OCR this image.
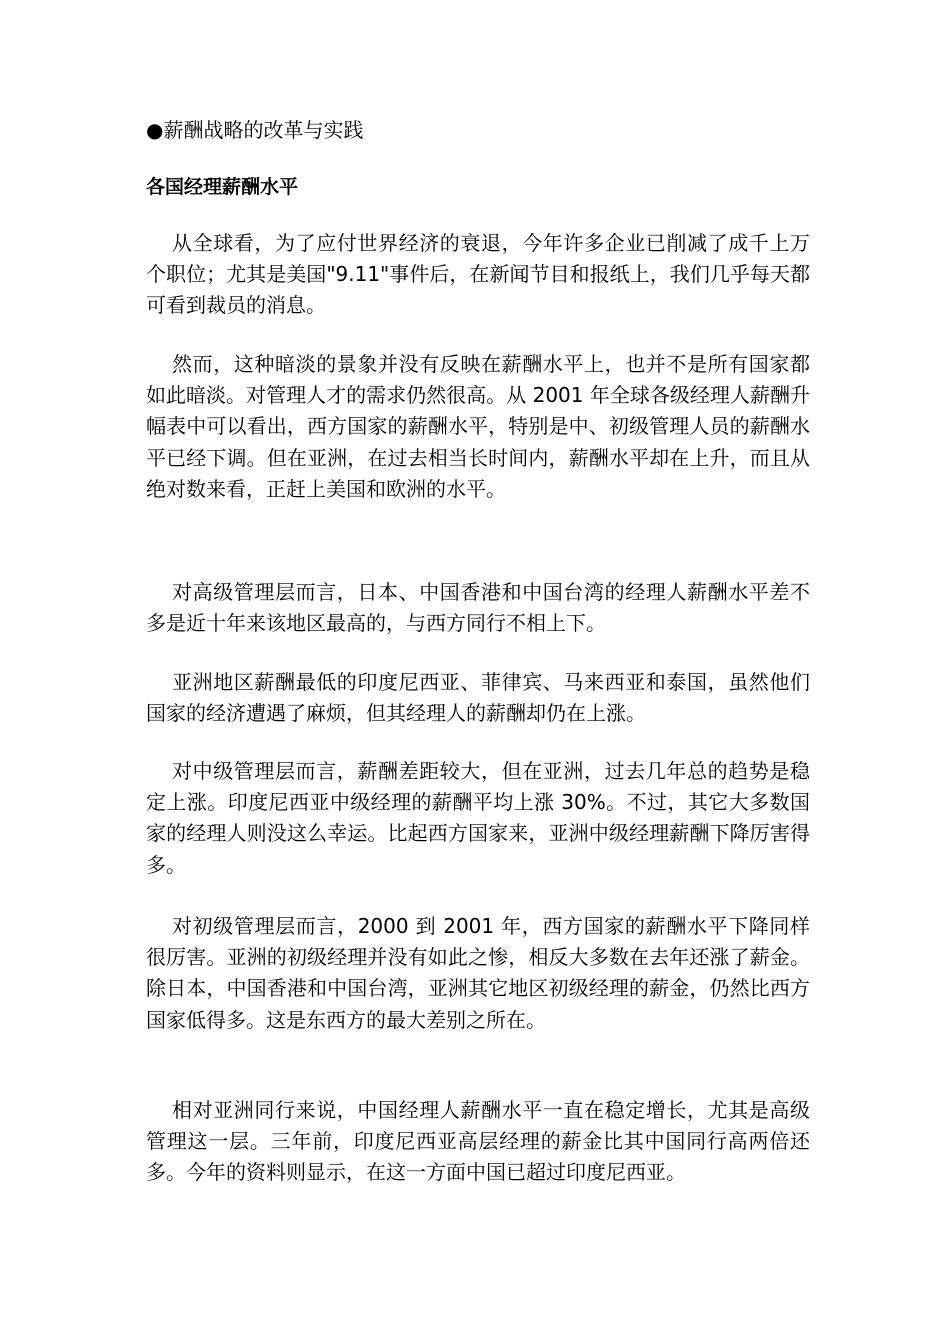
●薪酬战略的改革与实践
各国经理薪酬水平

从全球看，为了应付世界经济的衰退，今年许多企业已削减了成千上万个职位；尤其是美国"9.11"事件后，在新闻节目和报纸上，我们几乎每天都可看到裁员的消息。

然而，这种暗淡的景象并没有反映在薪酬水平上，也并不是所有国家都如此暗淡。对管理人才的需求仍然很高。从 2001 年全球各级经理人薪酬升幅表中可以看出，西方国家的薪酬水平，特别是中、初级管理人员的薪酬水平已经下调。但在亚洲，在过去相当长时间内，薪酬水平却在上升，而且从绝对数来看，正赶上美国和欧洲的水平。

对高级管理层而言，日本、中国香港和中国台湾的经理人薪酬水平差不多是近十年来该地区最高的，与西方同行不相上下。

亚洲地区薪酬最低的印度尼西亚、菲律宾、马来西亚和泰国，虽然他们国家的经济遭遇了麻烦，但其经理人的薪酬却仍在上涨。

对中级管理层而言，薪酬差距较大，但在亚洲，过去几年总的趋势是稳定上涨。印度尼西亚中级经理的薪酬平均上涨 30%。不过，其它大多数国家的经理人则没这么幸运。比起西方国家来，亚洲中级经理薪酬下降厉害得多。

对初级管理层而言，2000 到 2001 年，西方国家的薪酬水平下降同样很厉害。亚洲的初级经理并没有如此之惨，相反大多数在去年还涨了薪金。除日本，中国香港和中国台湾，亚洲其它地区初级经理的薪金，仍然比西方国家低得多。这是东西方的最大差别之所在。

相对亚洲同行来说，中国经理人薪酬水平一直在稳定增长，尤其是高级管理这一层。三年前，印度尼西亚高层经理的薪金比其中国同行高两倍还多。今年的资料则显示，在这一方面中国已超过印度尼西亚。
